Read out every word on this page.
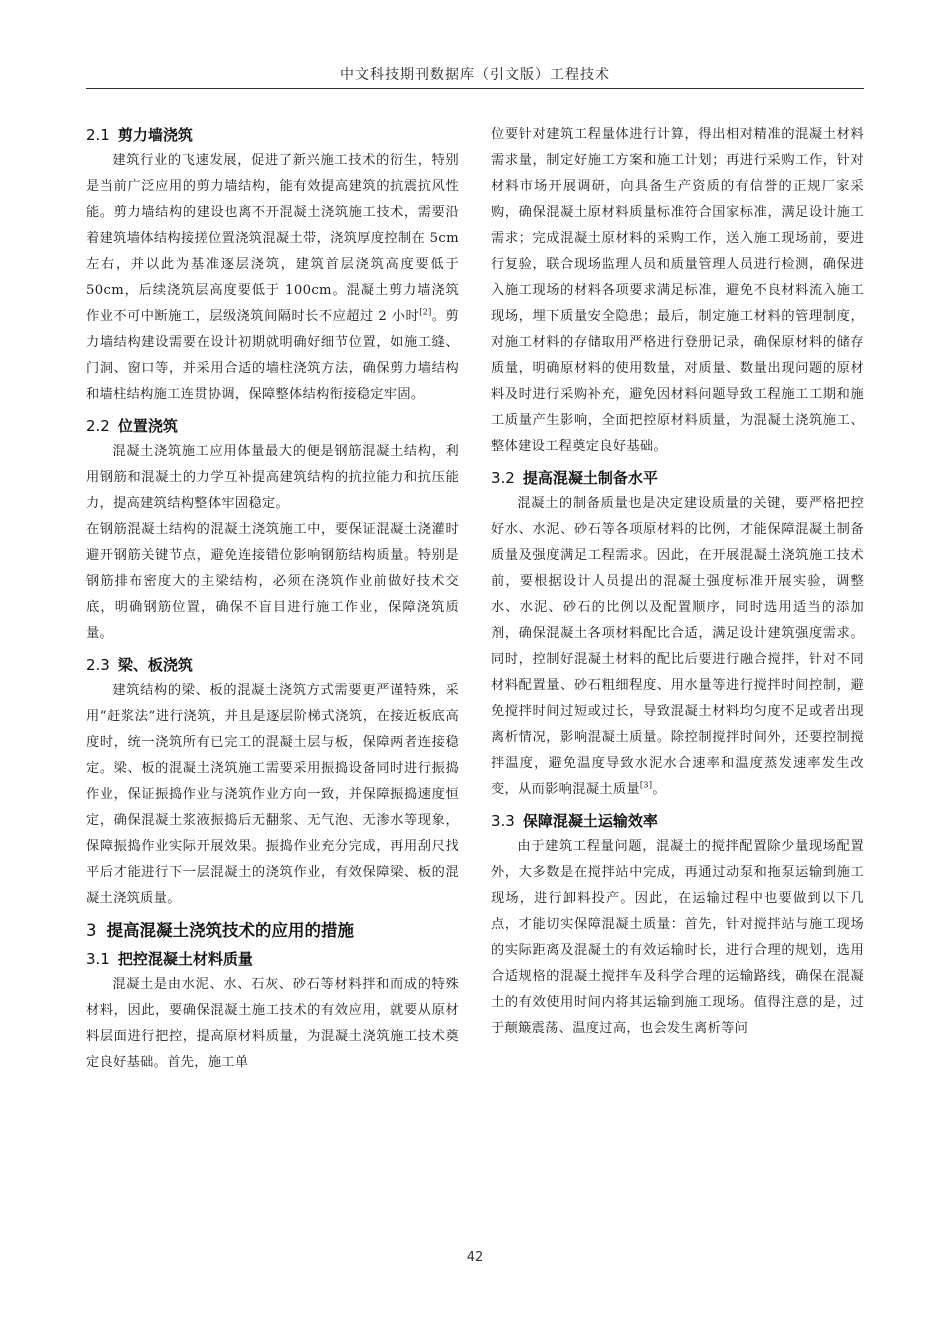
中文科技期刊数据库（引文版）工程技术
2.1 剪力墙浇筑

建筑行业的飞速发展，促进了新兴施工技术的衍生，特别是当前广泛应用的剪力墙结构，能有效提高建筑的抗震抗风性能。剪力墙结构的建设也离不开混凝土浇筑施工技术，需要沿着建筑墙体结构接搓位置浇筑混凝土带，浇筑厚度控制在 5cm 左右，并以此为基准逐层浇筑，建筑首层浇筑高度要低于 50cm，后续浇筑层高度要低于 100cm。混凝土剪力墙浇筑作业不可中断施工，层级浇筑间隔时长不应超过 2 小时[2]。剪力墙结构建设需要在设计初期就明确好细节位置，如施工缝、门洞、窗口等，并采用合适的墙柱浇筑方法，确保剪力墙结构和墙柱结构施工连贯协调，保障整体结构衔接稳定牢固。

2.2 位置浇筑

混凝土浇筑施工应用体量最大的便是钢筋混凝土结构，利用钢筋和混凝土的力学互补提高建筑结构的抗拉能力和抗压能力，提高建筑结构整体牢固稳定。

在钢筋混凝土结构的混凝土浇筑施工中，要保证混凝土浇灌时避开钢筋关键节点，避免连接错位影响钢筋结构质量。特别是钢筋排布密度大的主梁结构，必须在浇筑作业前做好技术交底，明确钢筋位置，确保不盲目进行施工作业，保障浇筑质量。

2.3 梁、板浇筑

建筑结构的梁、板的混凝土浇筑方式需要更严谨特殊，采用“赶浆法”进行浇筑，并且是逐层阶梯式浇筑，在接近板底高度时，统一浇筑所有已完工的混凝土层与板，保障两者连接稳定。梁、板的混凝土浇筑施工需要采用振捣设备同时进行振捣作业，保证振捣作业与浇筑作业方向一致，并保障振捣速度恒定，确保混凝土浆液振捣后无翻浆、无气泡、无渗水等现象，保障振捣作业实际开展效果。振捣作业充分完成，再用刮尺找平后才能进行下一层混凝土的浇筑作业，有效保障梁、板的混凝土浇筑质量。

3 提高混凝土浇筑技术的应用的措施
3.1 把控混凝土材料质量

混凝土是由水泥、水、石灰、砂石等材料拌和而成的特殊材料，因此，要确保混凝土施工技术的有效应用，就要从原材料层面进行把控，提高原材料质量，为混凝土浇筑施工技术奠定良好基础。首先，施工单

位要针对建筑工程量体进行计算，得出相对精准的混凝土材料需求量，制定好施工方案和施工计划；再进行采购工作，针对材料市场开展调研，向具备生产资质的有信誉的正规厂家采购，确保混凝土原材料质量标准符合国家标准，满足设计施工需求；完成混凝土原材料的采购工作，送入施工现场前，要进行复验，联合现场监理人员和质量管理人员进行检测，确保进入施工现场的材料各项要求满足标准，避免不良材料流入施工现场，埋下质量安全隐患；最后，制定施工材料的管理制度，对施工材料的存储取用严格进行登册记录，确保原材料的储存质量，明确原材料的使用数量，对质量、数量出现问题的原材料及时进行采购补充，避免因材料问题导致工程施工工期和施工质量产生影响，全面把控原材料质量，为混凝土浇筑施工、整体建设工程奠定良好基础。

3.2 提高混凝土制备水平

混凝土的制备质量也是决定建设质量的关键，要严格把控好水、水泥、砂石等各项原材料的比例，才能保障混凝土制备质量及强度满足工程需求。因此，在开展混凝土浇筑施工技术前，要根据设计人员提出的混凝土强度标准开展实验，调整水、水泥、砂石的比例以及配置顺序，同时选用适当的添加剂，确保混凝土各项材料配比合适，满足设计建筑强度需求。同时，控制好混凝土材料的配比后要进行融合搅拌，针对不同材料配置量、砂石粗细程度、用水量等进行搅拌时间控制，避免搅拌时间过短或过长，导致混凝土材料均匀度不足或者出现离析情况，影响混凝土质量。除控制搅拌时间外，还要控制搅拌温度，避免温度导致水泥水合速率和温度蒸发速率发生改变，从而影响混凝土质量[3]。

3.3 保障混凝土运输效率

由于建筑工程量问题，混凝土的搅拌配置除少量现场配置外，大多数是在搅拌站中完成，再通过动泵和拖泵运输到施工现场，进行卸料投产。因此，在运输过程中也要做到以下几点，才能切实保障混凝土质量：首先，针对搅拌站与施工现场的实际距离及混凝土的有效运输时长，进行合理的规划，选用合适规格的混凝土搅拌车及科学合理的运输路线，确保在混凝土的有效使用时间内将其运输到施工现场。值得注意的是，过于颠簸震荡、温度过高，也会发生离析等问

42
